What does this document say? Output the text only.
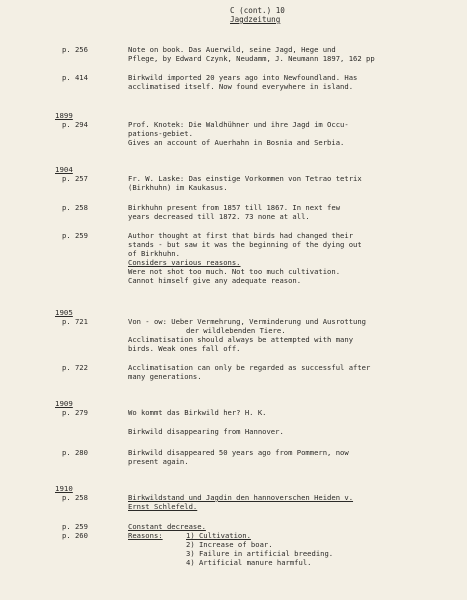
C (cont.) 10
Jagdzeitung
p. 256	Note on book. Das Auerwild, seine Jagd, Hege und
Pflege, by Edward Czynk, Neudamm, J. Neumann 1897, 162 pp
p. 414	Birkwild imported 20 years ago into Newfoundland. Has
acclimatised itself. Now found everywhere in island.
1899
p. 294	Prof. Knotek: Die Waldhühner und ihre Jagd im Occu-
pations-gebiet.
Gives an account of Auerhahn in Bosnia and Serbia.
1904
p. 257	Fr. W. Laske: Das einstige Vorkommen von Tetrao tetrix
(Birkhuhn) im Kaukasus.
p. 258	Birkhuhn present from 1857 till 1867. In next few
years decreased till 1872. 73 none at all.
p. 259	Author thought at first that birds had changed their
stands - but saw it was the beginning of the dying out
of Birkhuhn.
Considers various reasons.
Were not shot too much. Not too much cultivation.
Cannot himself give any adequate reason.
1905
p. 721	Von - ow: Ueber Vermehrung, Verminderung und Ausrottung
der wildlebenden Tiere.
Acclimatisation should always be attempted with many
birds. Weak ones fall off.
p. 722	Acclimatisation can only be regarded as successful after
many generations.
1909
p. 279	Wo kommt das Birkwild her? H. K.
Birkwild disappearing from Hannover.
p. 280	Birkwild disappeared 50 years ago from Pommern, now
present again.
1910
p. 258	Birkwildstand und Jagdin den hannoverschen Heiden v.
Ernst Schlefeld.
p. 259	Constant decrease.
p. 260	Reasons:	1) Cultivation.
2) Increase of boar.
3) Failure in artificial breeding.
4) Artificial manure harmful.
